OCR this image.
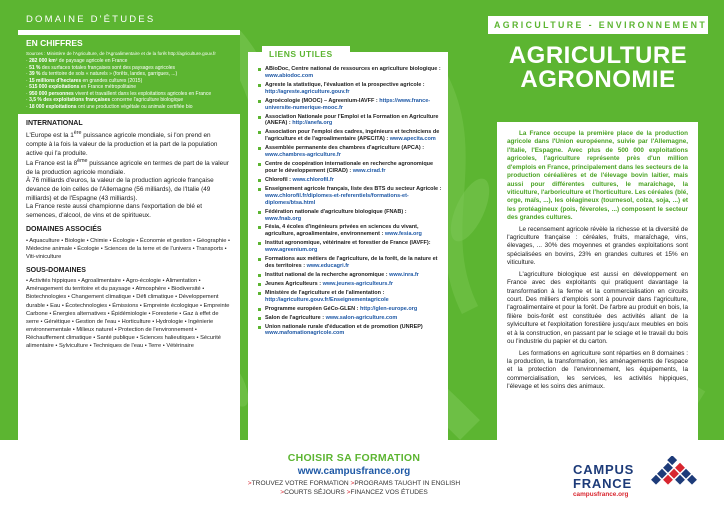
DOMAINE D'ÉTUDES
EN CHIFFRES
Sources : Ministère de l'Agriculture, de l'Agroalimentaire et de la forêt http://agriculture.gouv.fr
· 282 000 km² de paysage agricole en France
· 51 % des surfaces totales françaises sont des paysages agricoles
· 39 % du territoire de sols « naturels » (forêts, landes, garrigues, ...)
· 15 millions d'hectares en grandes cultures (2015)
· 515 000 exploitations en France métropolitaine
· 950 000 personnes vivent et travaillent dans les exploitations agricoles en France
· 3,5 % des exploitations françaises concerne l'agriculture biologique
· 18 000 exploitations ont une production végétale ou animale certifiée bio
INTERNATIONAL

L'Europe est la 1ère puissance agricole mondiale, si l'on prend en compte à la fois la valeur de la production et la part de la population active qui l'a produite.

La France est la 8ème puissance agricole en termes de part de la valeur de la production agricole mondiale.

À 76 milliards d'euros, la valeur de la production agricole française devance de loin celles de l'Allemagne (56 milliards), de l'Italie (49 milliards) et de l'Espagne (43 milliards).

La France reste aussi championne dans l'exportation de blé et semences, d'alcool, de vins et de spiritueux.

DOMAINES ASSOCIÉS
• Aquaculture • Biologie • Chimie • Écologie • Économie et gestion • Géographie • Médecine animale • Écologie • Sciences de la terre et de l'univers • Transports • Viti-viniculture
SOUS-DOMAINES
• Activités hippiques • Agroalimentaire • Agro-écologie • Alimentation • Aménagement du territoire et du paysage • Atmosphère • Biodiversité • Biotechnologies • Changement climatique • Défi climatique • Développement durable • Eau • Écotechnologies • Émissions • Empreinte écologique • Empreinte Carbone • Énergies alternatives • Épidémiologie • Foresterie • Gaz à effet de serre • Génétique • Gestion de l'eau • Horticulture • Hydrologie • Ingénierie environnementale • Milieux naturel • Protection de l'environnement • Réchauffement climatique • Santé publique • Sciences halieutiques • Sécurité alimentaire • Sylviculture • Techniques de l'eau • Terre • Vétérinaire
ABioDoc, Centre national de ressources en agriculture biologique : www.abiodoc.com
Agreste la statistique, l'évaluation et la prospective agricole : http://agreste.agriculture.gouv.fr
Agroécologie (MOOC) – Agreenium-IAVFF : https://www.france-universite-numerique-mooc.fr
Association Nationale pour l'Emploi et la Formation en Agriculture (ANEFA) : http://anefa.org
Association pour l'emploi des cadres, ingénieurs et techniciens de l'agriculture et de l'agroalimentaire (APECITA) : www.apecita.com
Assemblée permanente des chambres d'agriculture (APCA) : www.chambres-agriculture.fr
Centre de coopération internationale en recherche agronomique pour le développement (CIRAD) : www.cirad.fr
Chlorofil : www.chlorofil.fr
Enseignement agricole français, liste des BTS du secteur Agricole : www.chlorofil.fr/diplomes-et-referentiels/formations-et-diplomes/btsa.html
Fédération nationale d'agriculture biologique (FNAB) : www.fnab.org
Fésia, 4 écoles d'ingénieurs privées en sciences du vivant, agriculture, agroalimentaire, environnement : www.fesia.org
Institut agronomique, vétérinaire et forestier de France (IAVFF): www.agreenium.org
Formations aux métiers de l'agriculture, de la forêt, de la nature et des territoires : www.educagri.fr
Institut national de la recherche agronomique : www.inra.fr
Jeunes Agriculteurs : www.jeunes-agriculteurs.fr
Ministère de l'agriculture et de l'alimentation : http://agriculture.gouv.fr/Enseignementagricole
Programme européen GéCo-GLEN : http://glen-europe.org
Salon de l'agriculture : www.salon-agriculture.com
Union nationale rurale d'éducation et de promotion (UNREP) www.mafomationagricole.com
LIENS UTILES
Décembre 2018
AGRICULTURE - ENVIRONNEMENT
AGRICULTURE
AGRONOMIE

La France occupe la première place de la production agricole dans l'Union européenne, suivie par l'Allemagne, l'Italie, l'Espagne. Avec plus de 500 000 exploitations agricoles, l'agriculture représente près d'un million d'emplois en France, principalement dans les secteurs de la production céréalières et de l'élevage bovin laitier, mais aussi pour différentes cultures, le maraîchage, la viticulture, l'arboriculture et l'horticulture. Les céréales (blé, orge, maïs, ...), les oléagineux (tournesol, colza, soja, ...) et les protéagineux (pois, féveroles, ...) composent le secteur des grandes cultures.

Le recensement agricole révèle la richesse et la diversité de l'agriculture française : céréales, fruits, maraîchage, vins, élevages, ... 30% des moyennes et grandes exploitations sont spécialisées en bovins, 23% en grandes cultures et 15% en viticulture.

L'agriculture biologique est aussi en développement en France avec des exploitants qui pratiquent davantage la transformation à la ferme et la commercialisation en circuits court. Des milliers d'emplois sont à pourvoir dans l'agriculture, l'agroalimentaire et pour la forêt. De l'arbre au produit en bois, la filière bois-forêt est constituée des activités allant de la sylviculture et l'exploitation forestière jusqu'aux meubles en bois et à la construction, en passant par le sciage et le travail du bois ou l'industrie du papier et du carton.

Les formations en agriculture sont réparties en 8 domaines : la production, la transformation, les aménagements de l'espace et la protection de l'environnement, les équipements, la commercialisation, les services, les activités hippiques, l'élevage et les soins des animaux.

CHOISIR SA FORMATION
www.campusfrance.org
>TROUVEZ VOTRE FORMATION >PROGRAMS TAUGHT IN ENGLISH
>COURTS SÉJOURS >FINANCEZ VOS ÉTUDES
CAMPUS
FRANCE
campusfrance.org
